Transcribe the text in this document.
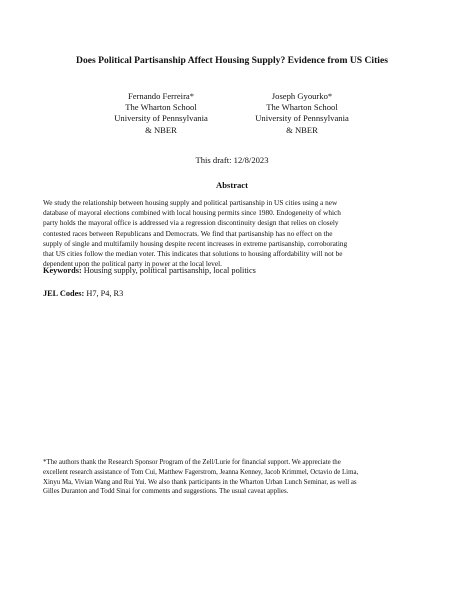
Does Political Partisanship Affect Housing Supply? Evidence from US Cities
Fernando Ferreira*
The Wharton School
University of Pennsylvania
& NBER
Joseph Gyourko*
The Wharton School
University of Pennsylvania
& NBER
This draft: 12/8/2023
Abstract
We study the relationship between housing supply and political partisanship in US cities using a new
database of mayoral elections combined with local housing permits since 1980. Endogeneity of which
party holds the mayoral office is addressed via a regression discontinuity design that relies on closely
contested races between Republicans and Democrats. We find that partisanship has no effect on the
supply of single and multifamily housing despite recent increases in extreme partisanship, corroborating
that US cities follow the median voter. This indicates that solutions to housing affordability will not be
dependent upon the political party in power at the local level.
Keywords: Housing supply, political partisanship, local politics
JEL Codes: H7, P4, R3
*The authors thank the Research Sponsor Program of the Zell/Lurie for financial support. We appreciate the
excellent research assistance of Tom Cui, Matthew Fagerstrom, Jeanna Kenney, Jacob Krimmel, Octavio de Lima,
Xinyu Ma, Vivian Wang and Rui Yui. We also thank participants in the Wharton Urban Lunch Seminar, as well as
Gilles Duranton and Todd Sinai for comments and suggestions. The usual caveat applies.
